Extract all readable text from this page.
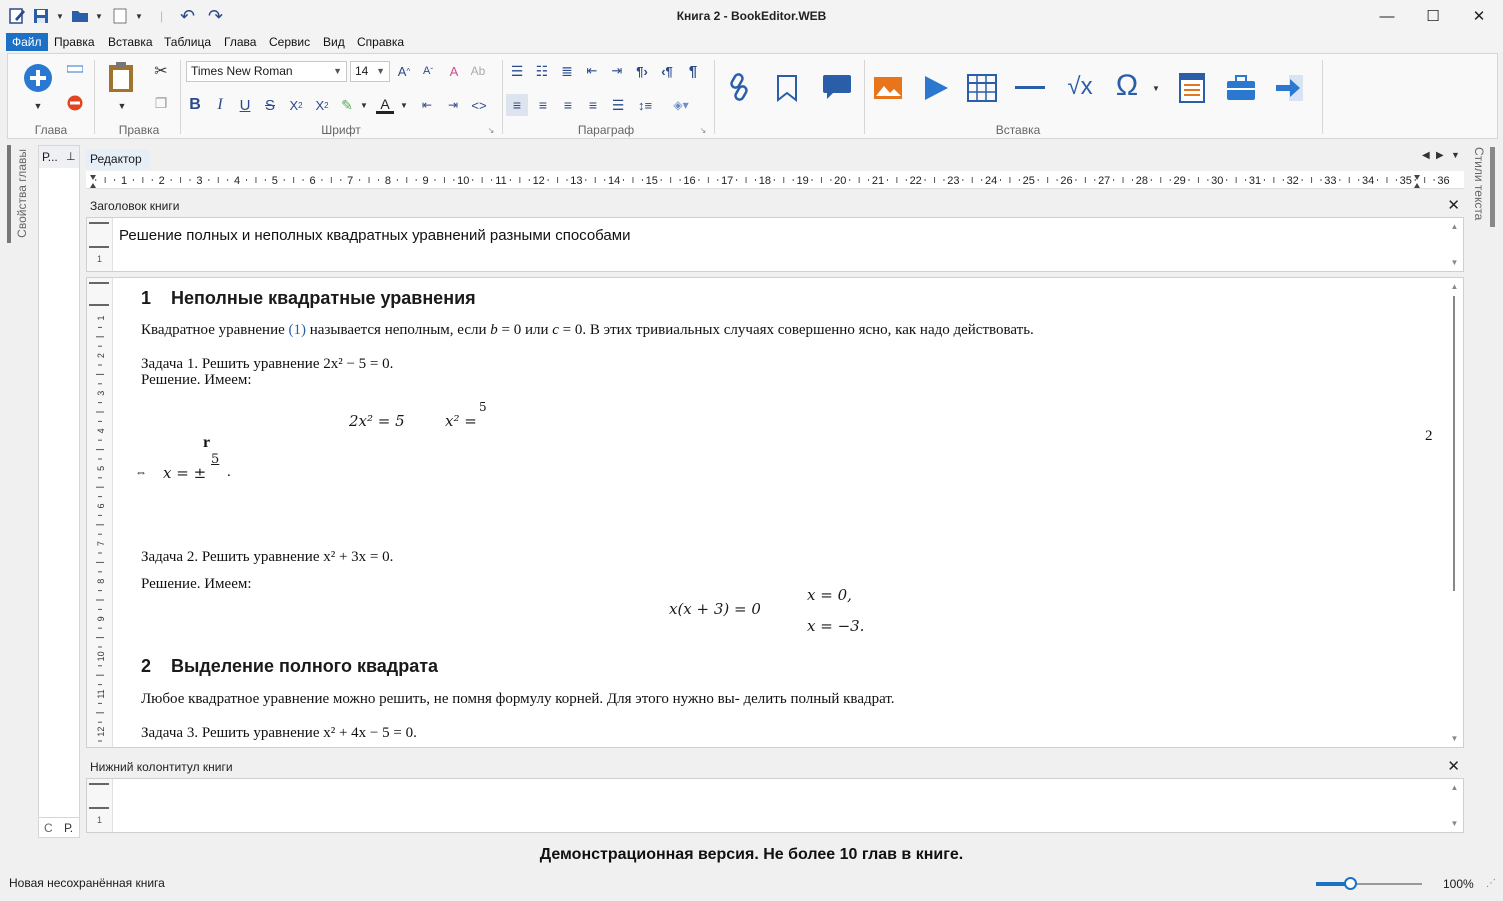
▼	▼	▼ | ↶ ↷	Книга 2 - BookEditor.WEB	—	☐	✕
Файл	Правка	Вставка Таблица	Глава	Сервис	Вид	Справка
▼
Глава
▼
✂
❐
Правка
Times New Roman	▼	14 ▼ A ^	A ˇ	A	Ab
B	I	U S	X 2 X 2 ✎ ▼ A	▼	⇤	⇥	<>
Шрифт	↘
☰ ☷ ≣ ⇤ ⇥ ¶› ‹¶	¶
≡	≡	≡	≡	☰	↕≡	◈▾
Параграф	↘
√x Ω	▼
Вставка
Свойства главы Р... ⊥
С Р.
Стили текста
Редактор	◀ ▶ ▼
1	2	3	4	5	6	7	8	9	10 11 12 13 14 15 16 17 18 19 20 21 22 23 24 25 26 27 28 29 30 31 32 33 34 35 36
Заголовок книги	✕
1
Решение полных и неполных квадратных уравнений разными способами
▲
▼
1
2
3
4
5
6
7
8
9
10
11
12
1 Неполные квадратные уравнения
Квадратное уравнение (1) называется неполным, если b = 0 или c = 0. В этих тривиальных случаях совершенно ясно, как надо действовать.
Задача 1. Решить уравнение 2x² − 5 = 0.
Решение. Имеем:
2x² = 5	x² =
5
r
⇔ x = ±
5
.
2
Задача 2. Решить уравнение x² + 3x = 0.
Решение. Имеем:
x(x + 3) = 0
x = 0,
x = −3.
2 Выделение полного квадрата
Любое квадратное уравнение можно решить, не помня формулу корней. Для этого нужно вы- делить полный квадрат.
Задача 3. Решить уравнение x² + 4x − 5 = 0.
▲
▼
Нижний колонтитул книги	✕
1
▲
▼
Демонстрационная версия. Не более 10 глав в книге.
Новая несохранённая книга	100% ⋰
